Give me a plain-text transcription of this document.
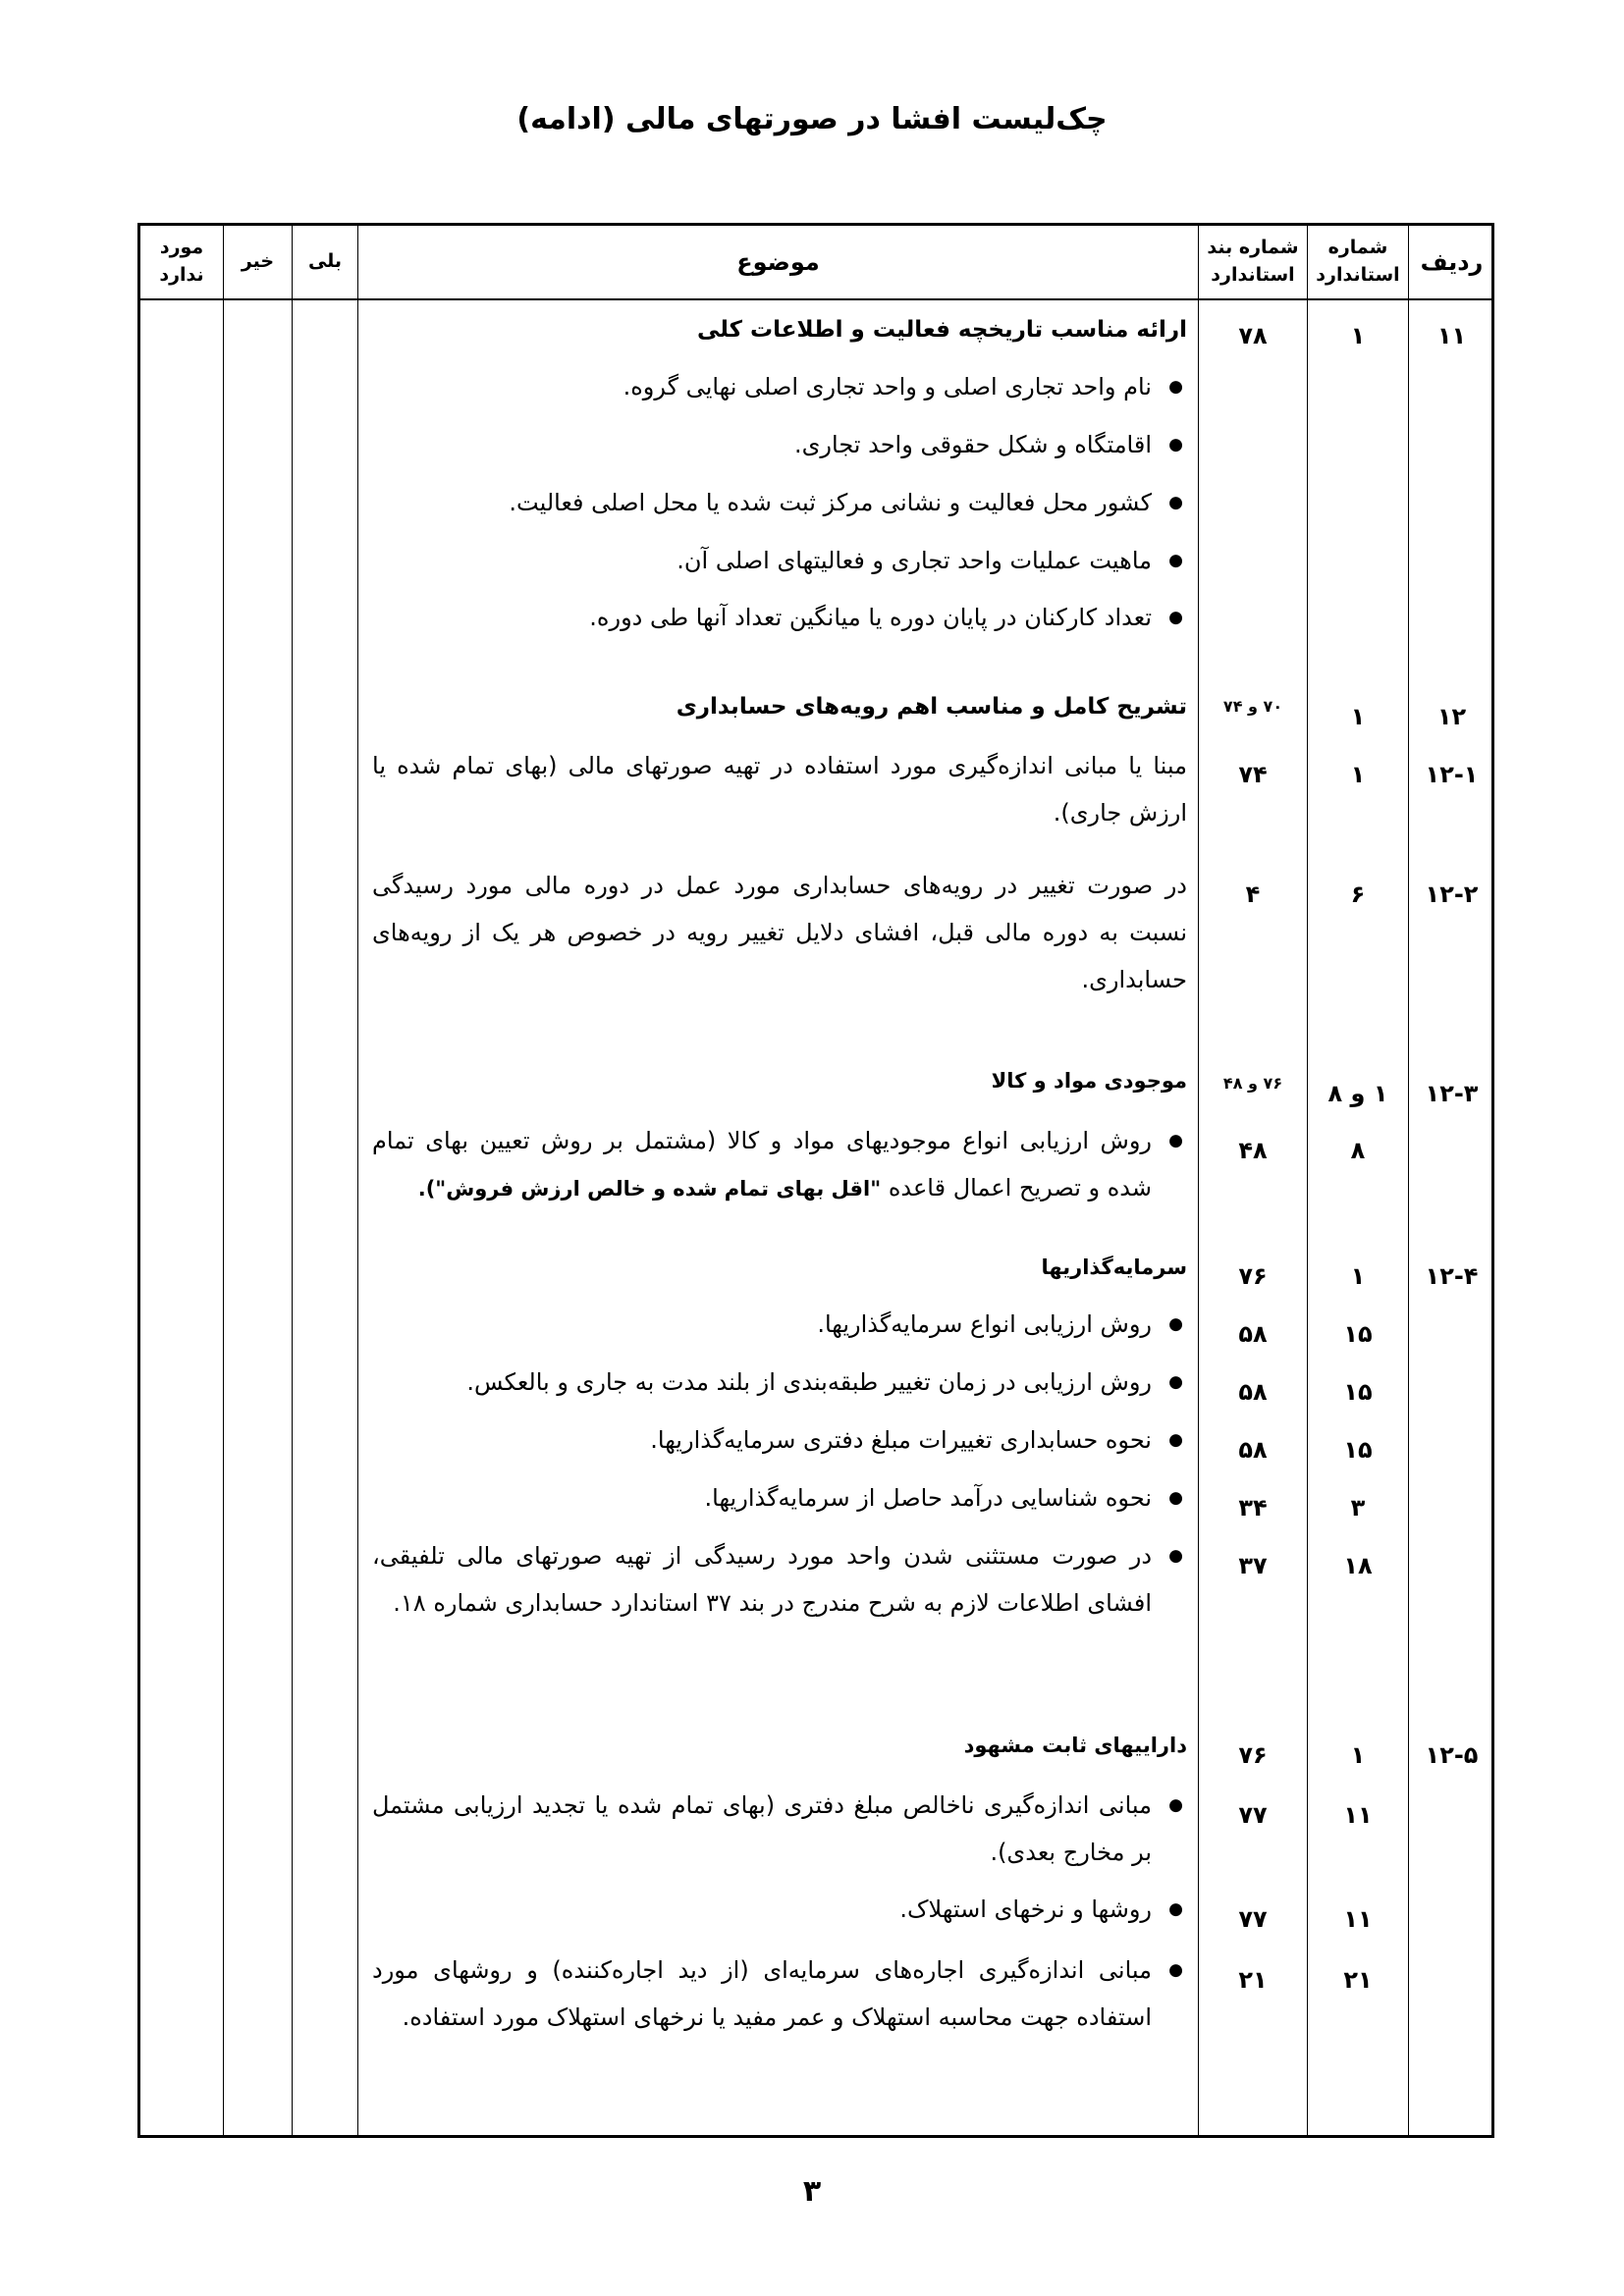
چک‌لیست افشا در صورتهای مالی (ادامه)
ردیف
شماره
استاندارد
شماره بند
استاندارد
موضوع
بلی
خیر
مورد
ندارد
۱۱
۱
۷۸
ارائه مناسب تاریخچه فعالیت و اطلاعات کلی
● نام واحد تجاری اصلی و واحد تجاری اصلی نهایی گروه.
● اقامتگاه و شکل حقوقی واحد تجاری.
● کشور محل فعالیت و نشانی مرکز ثبت شده یا محل اصلی فعالیت.
● ماهیت عملیات واحد تجاری و فعالیتهای اصلی آن.
● تعداد کارکنان در پایان دوره یا میانگین تعداد آنها طی دوره.
۱۲
۱
۷۰ و ۷۴
تشریح کامل و مناسب اهم رویه‌های حسابداری
۱۲-۱
۱
۷۴
مبنا یا مبانی اندازه‌گیری مورد استفاده در تهیه صورتهای مالی (بهای تمام شده یا ارزش جاری).
۱۲-۲
۶
۴
در صورت تغییر در رویه‌های حسابداری مورد عمل در دوره مالی مورد رسیدگی نسبت به دوره مالی قبل، افشای دلایل تغییر رویه در خصوص هر یک از رویه‌های حسابداری.
۱۲-۳
۱ و ۸
۷۶ و ۴۸
موجودی مواد و کالا
۸
۴۸
● روش ارزیابی انواع موجودیهای مواد و کالا (مشتمل بر روش تعیین بهای تمام شده و تصریح اعمال قاعده "اقل بهای تمام شده و خالص ارزش فروش").
۱۲-۴
۱
۷۶
سرمایه‌گذاریها
۱۵
۵۸
● روش ارزیابی انواع سرمایه‌گذاریها.
۱۵
۵۸
● روش ارزیابی در زمان تغییر طبقه‌بندی از بلند مدت به جاری و بالعکس.
۱۵
۵۸
● نحوه حسابداری تغییرات مبلغ دفتری سرمایه‌گذاریها.
۳
۳۴
● نحوه شناسایی درآمد حاصل از سرمایه‌گذاریها.
۱۸
۳۷
● در صورت مستثنی شدن واحد مورد رسیدگی از تهیه صورتهای مالی تلفیقی، افشای اطلاعات لازم به شرح مندرج در بند ۳۷ استاندارد حسابداری شماره ۱۸.
۱۲-۵
۱
۷۶
داراییهای ثابت مشهود
۱۱
۷۷
● مبانی اندازه‌گیری ناخالص مبلغ دفتری (بهای تمام شده یا تجدید ارزیابی مشتمل بر مخارج بعدی).
۱۱
۷۷
● روشها و نرخهای استهلاک.
۲۱
۲۱
● مبانی اندازه‌گیری اجاره‌های سرمایه‌ای (از دید اجاره‌کننده) و روشهای مورد استفاده جهت محاسبه استهلاک و عمر مفید یا نرخهای استهلاک مورد استفاده.
۳
